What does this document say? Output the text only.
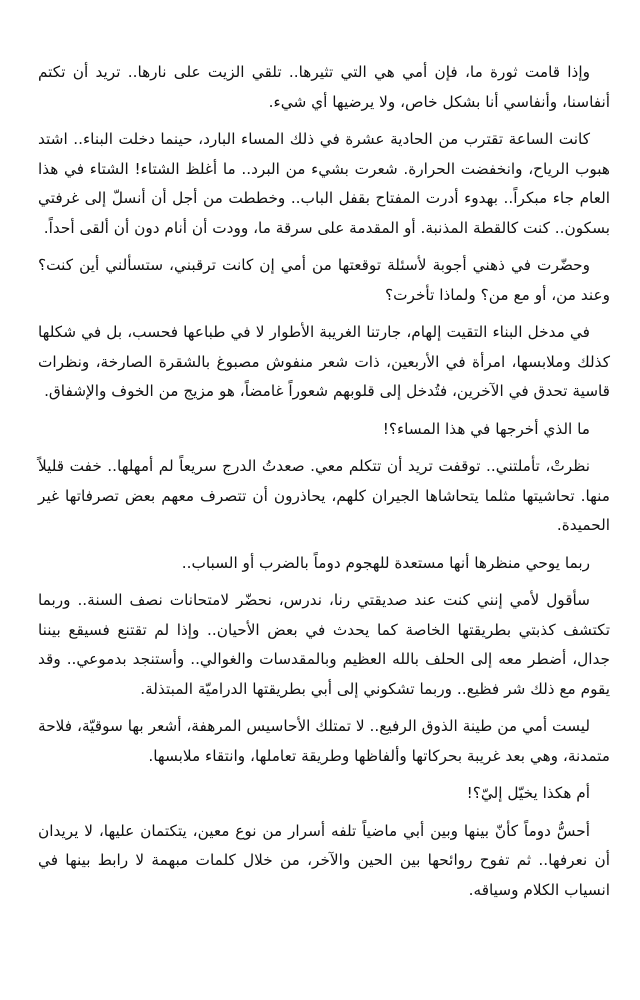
وإذا قامت ثورة ما، فإن أمي هي التي تثيرها.. تلقي الزيت على نارها.. تريد أن تكتم أنفاسنا، وأنفاسي أنا بشكل خاص، ولا يرضيها أي شيء.

كانت الساعة تقترب من الحادية عشرة في ذلك المساء البارد، حينما دخلت البناء.. اشتد هبوب الرياح، وانخفضت الحرارة. شعرت بشيء من البرد.. ما أغلظ الشتاء! الشتاء في هذا العام جاء مبكراً.. بهدوء أدرت المفتاح بقفل الباب.. وخططت من أجل أن أنسلّ إلى غرفتي بسكون.. كنت كالقطة المذنبة. أو المقدمة على سرقة ما، وودت أن أنام دون أن ألقى أحداً.

وحضّرت في ذهني أجوبة لأسئلة توقعتها من أمي إن كانت ترقبني، ستسألني أين كنت؟ وعند من، أو مع من؟ ولماذا تأخرت؟

في مدخل البناء التقيت إلهام، جارتنا الغريبة الأطوار لا في طباعها فحسب، بل في شكلها كذلك وملابسها، امرأة في الأربعين، ذات شعر منفوش مصبوغ بالشقرة الصارخة، ونظرات قاسية تحدق في الآخرين، فتُدخل إلى قلوبهم شعوراً غامضاً، هو مزيج من الخوف والإشفاق.

ما الذي أخرجها في هذا المساء؟!

نظرتْ، تأملتني.. توقفت تريد أن تتكلم معي. صعدتُ الدرج سريعاً لم أمهلها.. خفت قليلاً منها. تحاشيتها مثلما يتحاشاها الجيران كلهم، يحاذرون أن تتصرف معهم بعض تصرفاتها غير الحميدة.

ربما يوحي منظرها أنها مستعدة للهجوم دوماً بالضرب أو السباب..

سأقول لأمي إنني كنت عند صديقتي رنا، ندرس، نحضّر لامتحانات نصف السنة.. وربما تكتشف كذبتي بطريقتها الخاصة كما يحدث في بعض الأحيان.. وإذا لم تقتنع فسيقع بيننا جدال، أضطر معه إلى الحلف بالله العظيم وبالمقدسات والغوالي.. وأستنجد بدموعي.. وقد يقوم مع ذلك شر فظيع.. وربما تشكوني إلى أبي بطريقتها الدراميّة المبتذلة.

ليست أمي من طينة الذوق الرفيع.. لا تمتلك الأحاسيس المرهفة، أشعر بها سوقيّة، فلاحة متمدنة، وهي بعد غريبة بحركاتها وألفاظها وطريقة تعاملها، وانتقاء ملابسها.

أم هكذا يخيّل إليّ؟!

أحسُّ دوماً كأنّ بينها وبين أبي ماضياً تلفه أسرار من نوع معين، يتكتمان عليها، لا يريدان أن نعرفها.. ثم تفوح روائحها بين الحين والآخر، من خلال كلمات مبهمة لا رابط بينها في انسياب الكلام وسياقه.
